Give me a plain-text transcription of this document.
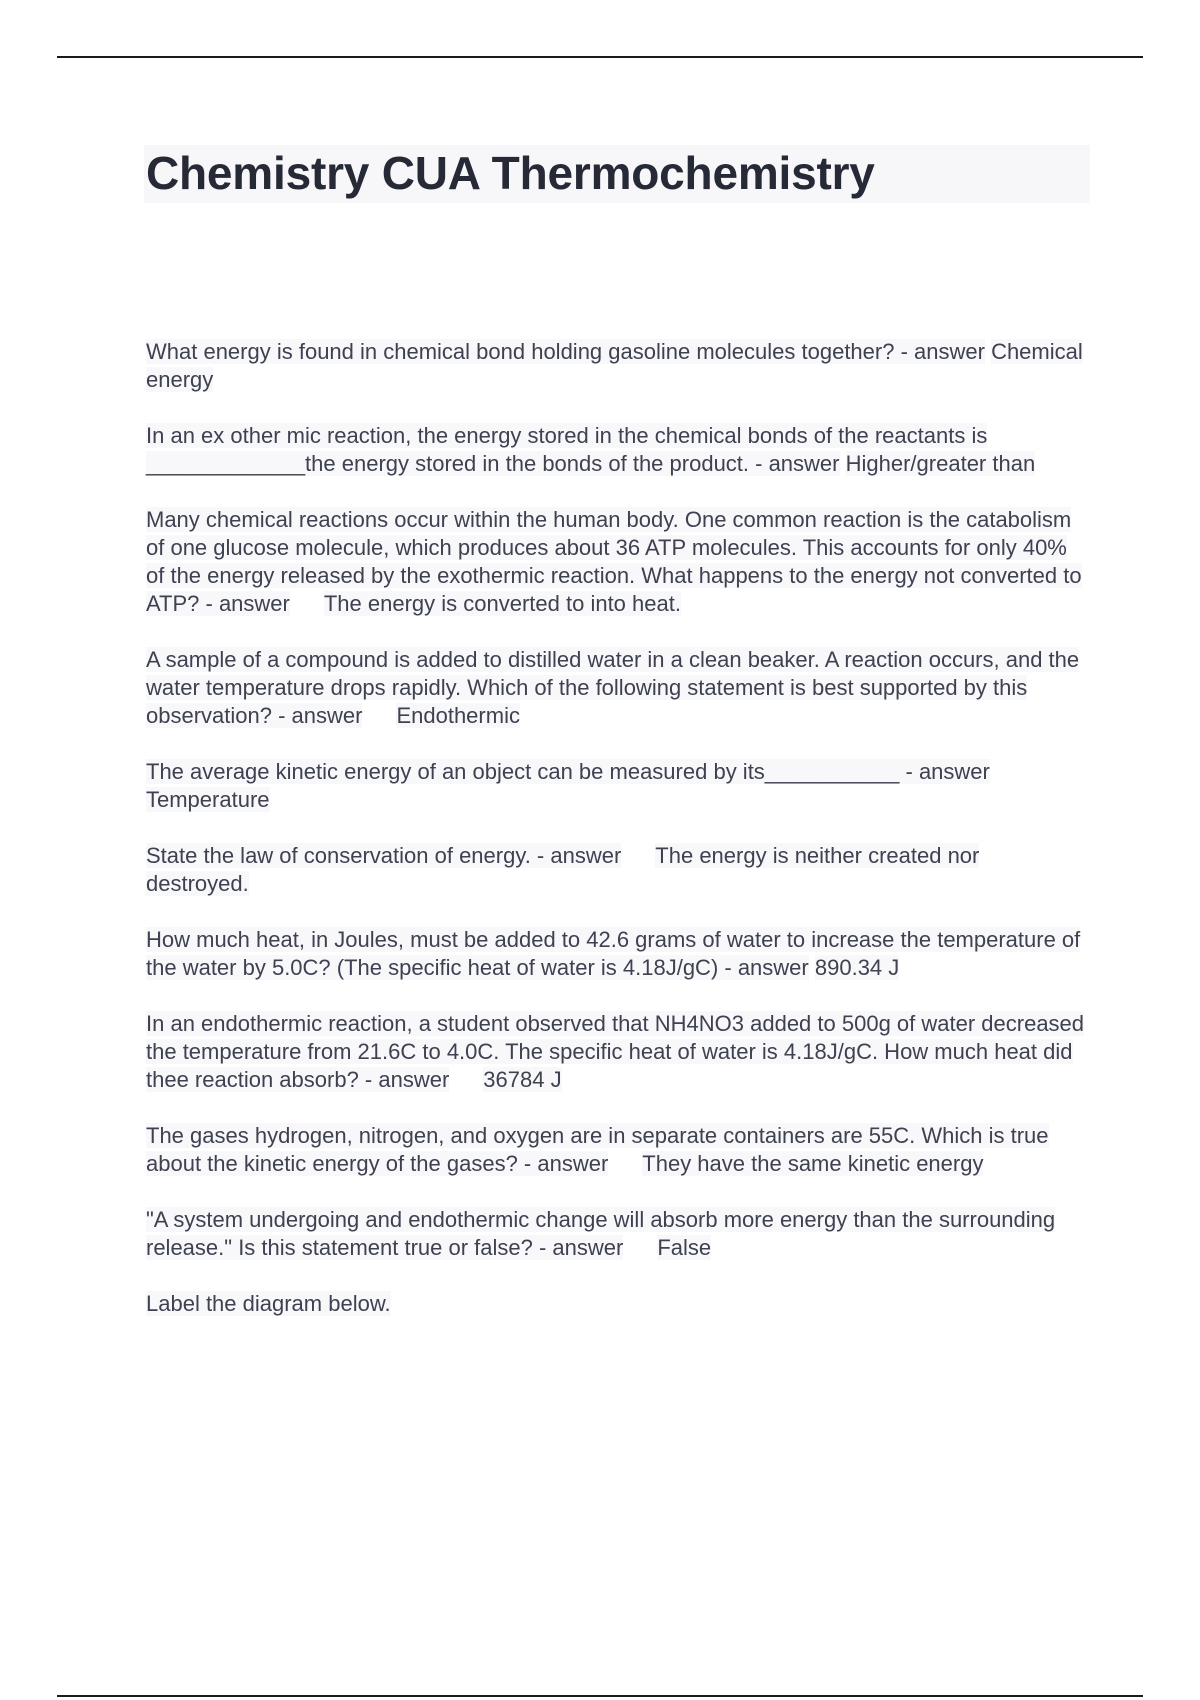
Chemistry CUA Thermochemistry

What energy is found in chemical bond holding gasoline molecules together? - answer Chemical energy

In an ex other mic reaction, the energy stored in the chemical bonds of the reactants is _____________the energy stored in the bonds of the product. - answer Higher/greater than

Many chemical reactions occur within the human body. One common reaction is the catabolism of one glucose molecule, which produces about 36 ATP molecules. This accounts for only 40% of the energy released by the exothermic reaction. What happens to the energy not converted to ATP? - answer The energy is converted to into heat.

A sample of a compound is added to distilled water in a clean beaker. A reaction occurs, and the water temperature drops rapidly. Which of the following statement is best supported by this observation? - answer Endothermic

The average kinetic energy of an object can be measured by its___________ - answer Temperature

State the law of conservation of energy. - answer The energy is neither created nor destroyed.

How much heat, in Joules, must be added to 42.6 grams of water to increase the temperature of the water by 5.0C? (The specific heat of water is 4.18J/gC) - answer 890.34 J

In an endothermic reaction, a student observed that NH4NO3 added to 500g of water decreased the temperature from 21.6C to 4.0C. The specific heat of water is 4.18J/gC. How much heat did thee reaction absorb? - answer 36784 J

The gases hydrogen, nitrogen, and oxygen are in separate containers are 55C. Which is true about the kinetic energy of the gases? - answer They have the same kinetic energy

"A system undergoing and endothermic change will absorb more energy than the surrounding release." Is this statement true or false? - answer False

Label the diagram below.
